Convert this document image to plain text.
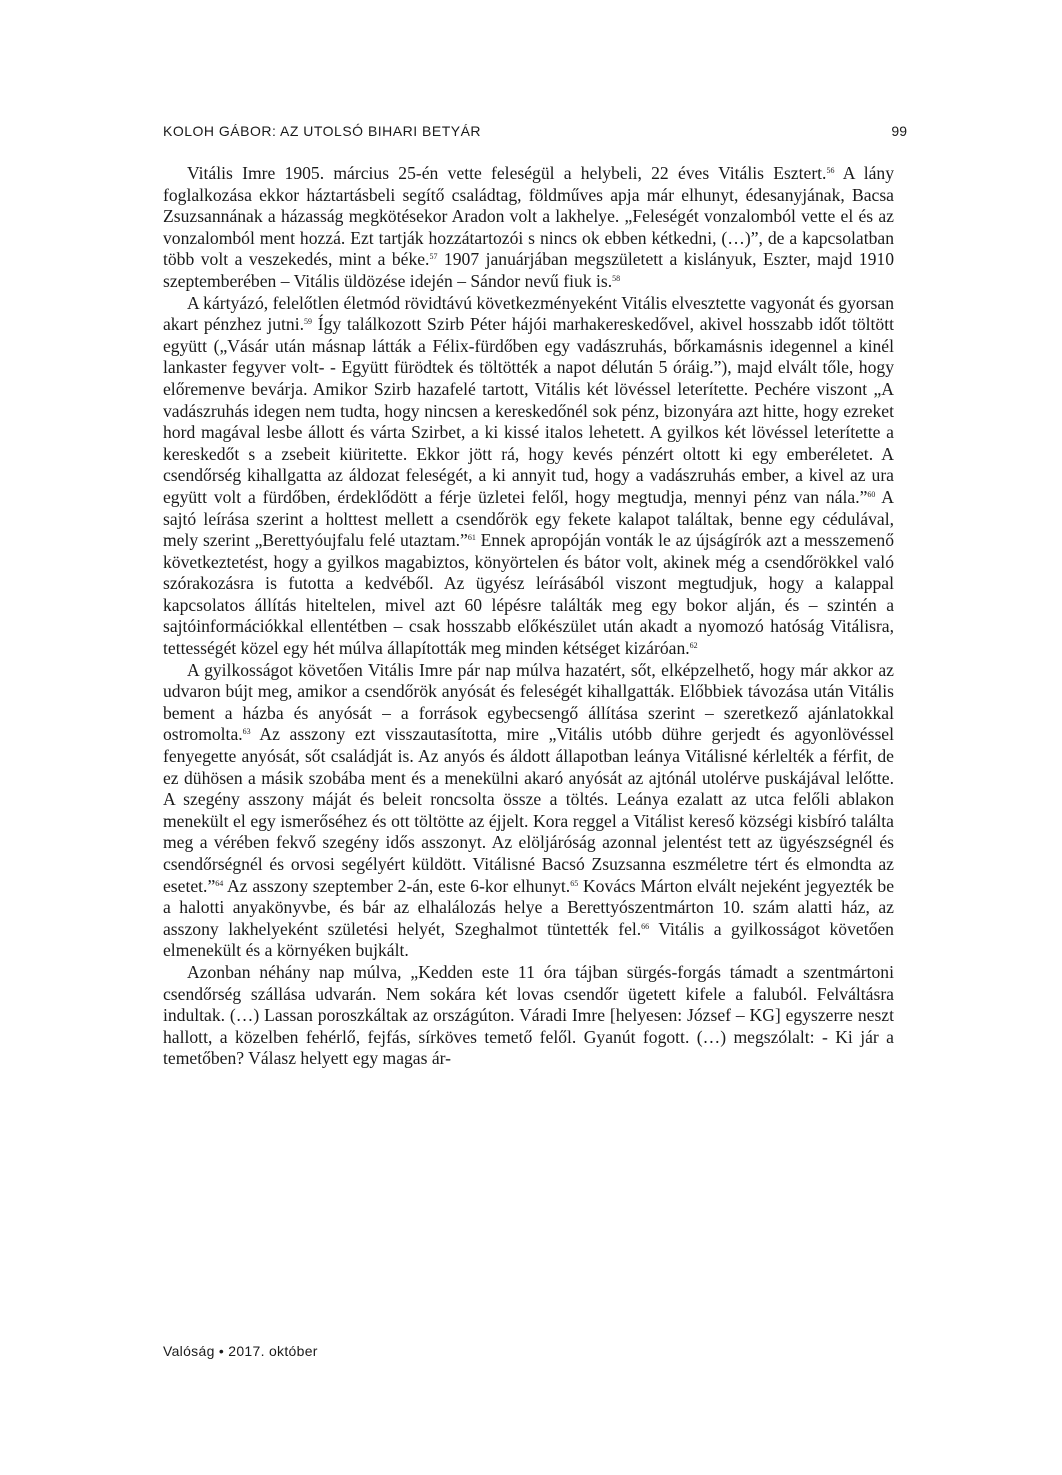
KOLOH GÁBOR: AZ UTOLSÓ BIHARI BETYÁR	99

Vitális Imre 1905. március 25-én vette feleségül a helybeli, 22 éves Vitális Esztert.$^{56}$ A lány foglalkozása ekkor háztartásbeli segítő családtag, földműves apja már elhunyt, édesanyjának, Bacsa Zsuzsannának a házasság megkötésekor Aradon volt a lakhelye. „Feleségét vonzalomból vette el és az vonzalomból ment hozzá. Ezt tartják hozzátartozói s nincs ok ebben kétkedni, (…)”, de a kapcsolatban több volt a veszekedés, mint a béke.$^{57}$ 1907 januárjában megszületett a kislányuk, Eszter, majd 1910 szeptemberében – Vitális üldözése idején – Sándor nevű fiuk is.$^{58}$

A kártyázó, felelőtlen életmód rövidtávú következményeként Vitális elvesztette vagyonát és gyorsan akart pénzhez jutni.$^{59}$ Így találkozott Szirb Péter hájói marhakereskedővel, akivel hosszabb időt töltött együtt („Vásár után másnap látták a Félix-fürdőben egy vadászruhás, bőrkamásnis idegennel a kinél lankaster fegyver volt- - Együtt fürödtek és töltötték a napot délután 5 óráig.”), majd elvált tőle, hogy előremenve bevárja. Amikor Szirb hazafelé tartott, Vitális két lövéssel leterítette. Pechére viszont „A vadászruhás idegen nem tudta, hogy nincsen a kereskedőnél sok pénz, bizonyára azt hitte, hogy ezreket hord magával lesbe állott és várta Szirbet, a ki kissé italos lehetett. A gyilkos két lövéssel leterítette a kereskedőt s a zsebeit kiüritette. Ekkor jött rá, hogy kevés pénzért oltott ki egy emberéletet. A csendőrség kihallgatta az áldozat feleségét, a ki annyit tud, hogy a vadászruhás ember, a kivel az ura együtt volt a fürdőben, érdeklődött a férje üzletei felől, hogy megtudja, mennyi pénz van nála.”$^{60}$ A sajtó leírása szerint a holttest mellett a csendőrök egy fekete kalapot találtak, benne egy cédulával, mely szerint „Berettyóujfalu felé utaztam.”$^{61}$ Ennek apropóján vonták le az újságírók azt a messzemenő következtetést, hogy a gyilkos magabiztos, könyörtelen és bátor volt, akinek még a csendőrökkel való szórakozásra is futotta a kedvéből. Az ügyész leírásából viszont megtudjuk, hogy a kalappal kapcsolatos állítás hiteltelen, mivel azt 60 lépésre találták meg egy bokor alján, és – szintén a sajtóinformációkkal ellentétben – csak hosszabb előkészület után akadt a nyomozó hatóság Vitálisra, tettességét közel egy hét múlva állapították meg minden kétséget kizáróan.$^{62}$

A gyilkosságot követően Vitális Imre pár nap múlva hazatért, sőt, elképzelhető, hogy már akkor az udvaron bújt meg, amikor a csendőrök anyósát és feleségét kihallgatták. Előbbiek távozása után Vitális bement a házba és anyósát – a források egybecsengő állítása szerint – szeretkező ajánlatokkal ostromolta.$^{63}$ Az asszony ezt visszautasította, mire „Vitális utóbb dühre gerjedt és agyonlövéssel fenyegette anyósát, sőt családját is. Az anyós és áldott állapotban leánya Vitálisné kérlelték a férfit, de ez dühösen a másik szobába ment és a menekülni akaró anyósát az ajtónál utolérve puskájával lelőtte. A szegény asszony máját és beleit roncsolta össze a töltés. Leánya ezalatt az utca felőli ablakon menekült el egy ismerőséhez és ott töltötte az éjjelt. Kora reggel a Vitálist kereső községi kisbíró találta meg a vérében fekvő szegény idős asszonyt. Az elöljáróság azonnal jelentést tett az ügyészségnél és csendőrségnél és orvosi segélyért küldött. Vitálisné Bacsó Zsuzsanna eszméletre tért és elmondta az esetet.”$^{64}$ Az asszony szeptember 2-án, este 6-kor elhunyt.$^{65}$ Kovács Márton elvált nejeként jegyezték be a halotti anyakönyvbe, és bár az elhalálozás helye a Berettyószentmárton 10. szám alatti ház, az asszony lakhelyeként születési helyét, Szeghalmot tüntették fel.$^{66}$ Vitális a gyilkosságot követően elmenekült és a környéken bujkált.

Azonban néhány nap múlva, „Kedden este 11 óra tájban sürgés-forgás támadt a szentmártoni csendőrség szállása udvarán. Nem sokára két lovas csendőr ügetett kifele a faluból. Felváltásra indultak. (…) Lassan poroszkáltak az országúton. Váradi Imre [helyesen: József – KG] egyszerre neszt hallott, a közelben fehérlő, fejfás, sírköves temető felől. Gyanút fogott. (…) megszólalt: - Ki jár a temetőben? Válasz helyett egy magas ár-

Valóság • 2017. október
